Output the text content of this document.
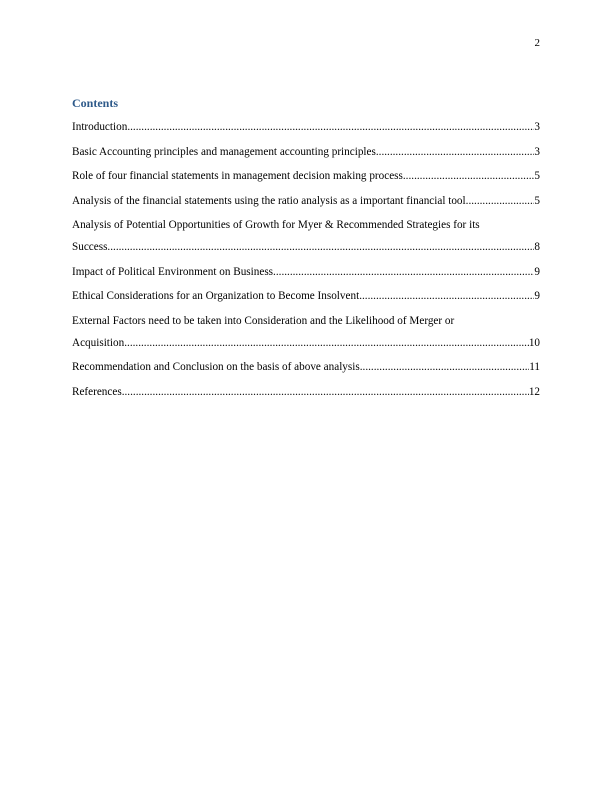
2
Contents
Introduction .....	3
Basic Accounting principles and management accounting principles .....	3
Role of four financial statements in management decision making process .....	5
Analysis of the financial statements using the ratio analysis as a important financial tool .....	5
Analysis of Potential Opportunities of Growth for Myer & Recommended Strategies for its
Success .....	8
Impact of Political Environment on Business .....	9
Ethical Considerations for an Organization to Become Insolvent .....	9
External Factors need to be taken into Consideration and the Likelihood of Merger or
Acquisition .....	10
Recommendation and Conclusion on the basis of above analysis .....	11
References .....	12
